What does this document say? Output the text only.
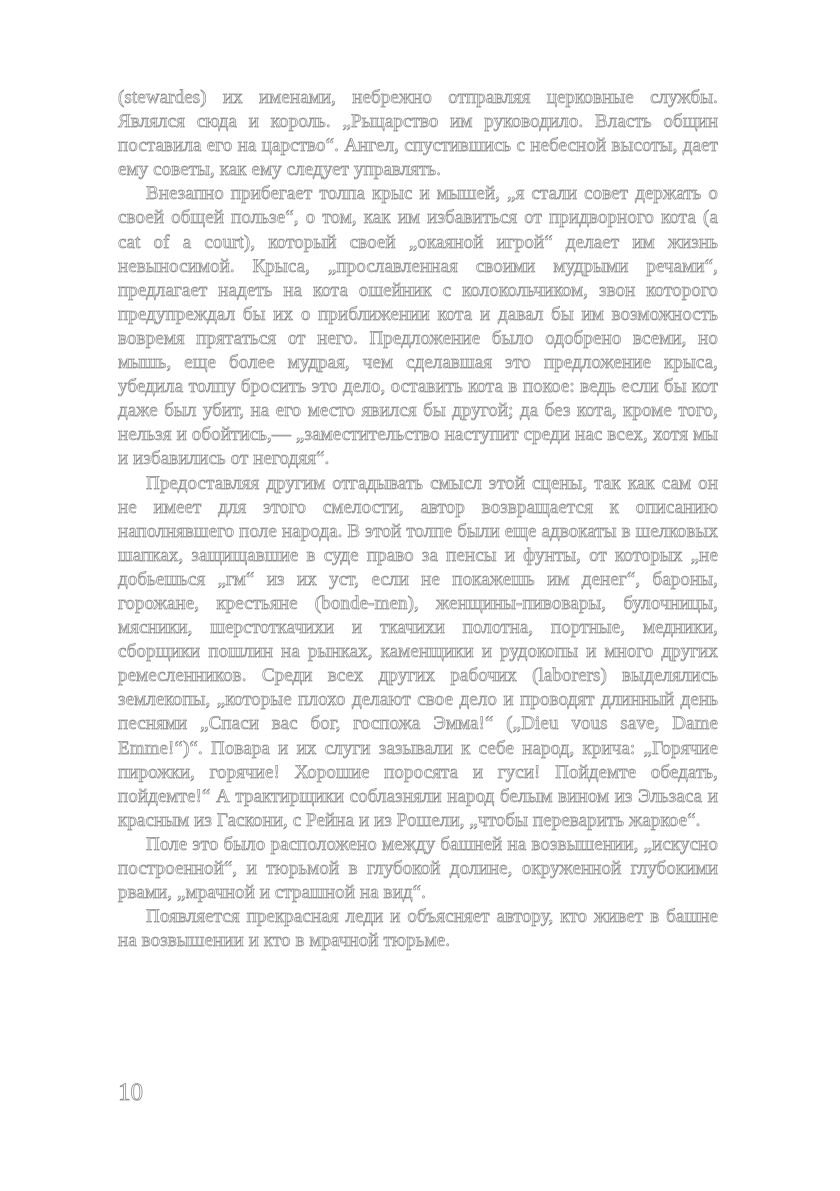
(stewardes) их именами, небрежно отправляя церковные службы. Являлся сюда и король. „Рыцарство им руководило. Власть общин поставила его на царство“. Ангел, спустившись с небесной высоты, дает ему советы, как ему следует управлять.

Внезапно прибегает толпа крыс и мышей, „я стали совет держать о своей общей пользе“, о том, как им избавиться от придворного кота (a cat of a court), который своей „окаяной игрой“ делает им жизнь невыносимой. Крыса, „прославленная своими мудрыми речами“, предлагает надеть на кота ошейник с колокольчиком, звон которого предупреждал бы их о приближении кота и давал бы им возможность вовремя прятаться от него. Предложение было одобрено всеми, но мышь, еще более мудрая, чем сделавшая это предложение крыса, убедила толпу бросить это дело, оставить кота в покое: ведь если бы кот даже был убит, на его место явился бы другой; да без кота, кроме того, нельзя и обойтись,— „заместительство наступит среди нас всех, хотя мы и избавились от негодяя“.

Предоставляя другим отгадывать смысл этой сцены, так как сам он не имеет для этого смелости, автор возвращается к описанию наполнявшего поле народа. В этой толпе были еще адвокаты в шелковых шапках, защищавшие в суде право за пенсы и фунты, от которых „не добьешься „гм“ из их уст, если не покажешь им денег“, бароны, горожане, крестьяне (bonde-men), женщины-пивовары, булочницы, мясники, шерстоткачихи и ткачихи полотна, портные, медники, сборщики пошлин на рынках, каменщики и рудокопы и много других ремесленников. Среди всех других рабочих (laborers) выделялись землекопы, „которые плохо делают свое дело и проводят длинный день песнями „Спаси вас бог, госпожа Эмма!“ („Dieu vous save, Dame Emme!“)“. Повара и их слуги зазывали к себе народ, крича: „Горячие пирожки, горячие! Хорошие поросята и гуси! Пойдемте обедать, пойдемте!“ А трактирщики соблазняли народ белым вином из Эльзаса и красным из Гаскони, с Рейна и из Рошели, „чтобы переварить жаркое“.

Поле это было расположено между башней на возвышении, „искусно построенной“, и тюрьмой в глубокой долине, окруженной глубокими рвами, „мрачной и страшной на вид“.

Появляется прекрасная леди и объясняет автору, кто живет в башне на возвышении и кто в мрачной тюрьме.

10
